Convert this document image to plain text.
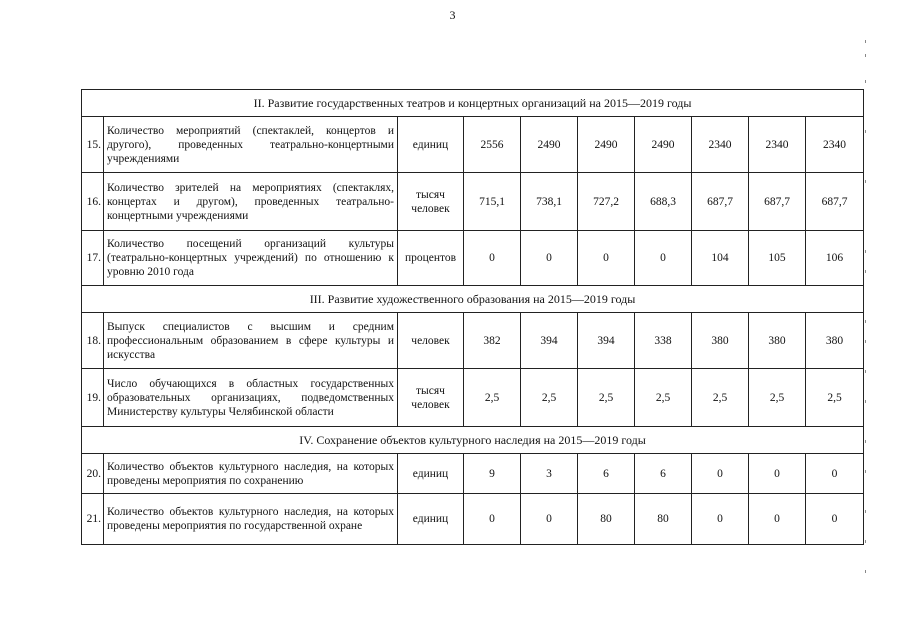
3
II. Развитие государственных театров и концертных организаций на 2015—2019 годы									
15.	Количество мероприятий (спектаклей, концертов и другого), проведенных театрально-концертными учреждениями	единиц	2556	2490	2490	2490	2340	2340	2340
16.	Количество зрителей на мероприятиях (спектаклях, концертах и другом), проведенных театрально-концертными учреждениями	тысяч человек	715,1	738,1	727,2	688,3	687,7	687,7	687,7
17.	Количество посещений организаций культуры (театрально-концертных учреждений) по отношению к уровню 2010 года	процентов	0	0	0	0	104	105	106
III. Развитие художественного образования на 2015—2019 годы									
18.	Выпуск специалистов с высшим и средним профессиональным образованием в сфере культуры и искусства	человек	382	394	394	338	380	380	380
19.	Число обучающихся в областных государственных образовательных организациях, подведомственных Министерству культуры Челябинской области	тысяч человек	2,5	2,5	2,5	2,5	2,5	2,5	2,5
IV. Сохранение объектов культурного наследия на 2015—2019 годы									
20.	Количество объектов культурного наследия, на которых проведены мероприятия по сохранению	единиц	9	3	6	6	0	0	0
21.	Количество объектов культурного наследия, на которых проведены мероприятия по государственной охране	единиц	0	0	80	80	0	0	0
